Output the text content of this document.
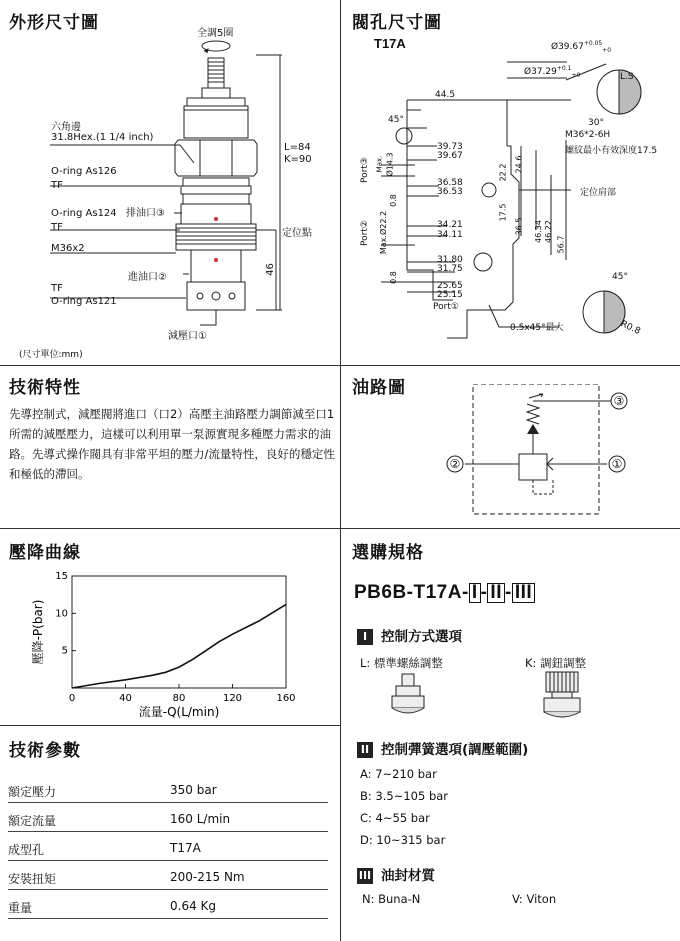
外形尺寸圖	閥孔尺寸圖
技術特性	油路圖
壓降曲線	選購規格
技術參數
全調5圈
六角邊
31.8Hex.(1 1/4 inch)
O-ring As126
TF
O-ring As124
TF
M36x2
排油口③
進油口②
TF
O-ring As121
減壓口①
L=84
K=90
定位點
46
(尺寸單位:mm)
T17A	$Ø39.67^{+0.05}_{+0}$
$Ø37.29^{+0.1}_{+0}$	L.S
30°
45°
45°
M36*2-6H
螺紋最小有效深度17.5
定位肩部
44.5
39.73
39.67
36.58
36.53
34.21
34.11
31.80
31.75
25.65
25.15
Port③ Max. Ø14.3
Port② Max.Ø22.2
Port①
0.8
0.8
22.2 24.6
17.5
36.5 46.34 46.22
56.7
0.5x45°最大	R0.8
先導控制式，減壓閥將進口（口2）高壓主油路壓力調節減至口1所需的減壓壓力，這樣可以利用單一泵源實現多種壓力需求的油路。先導式操作閥具有非常平坦的壓力/流量特性，良好的穩定性和極低的滯回。
②	①
③
0	40	80	120	160
5
10
15
流量-Q(L/min)
壓降-P(bar)
額定壓力	350 bar
額定流量	160 L/min
成型孔	T17A
安裝扭矩	200-215 Nm
重量	0.64 Kg
PB6B-T17A- I - II - III
I 控制方式選項
L: 標準螺絲調整	K: 調鈕調整
II 控制彈簧選項(調壓範圍)
A: 7~210 bar
B: 3.5~105 bar
C: 4~55 bar
D: 10~315 bar
III 油封材質
N: Buna-N	V: Viton
